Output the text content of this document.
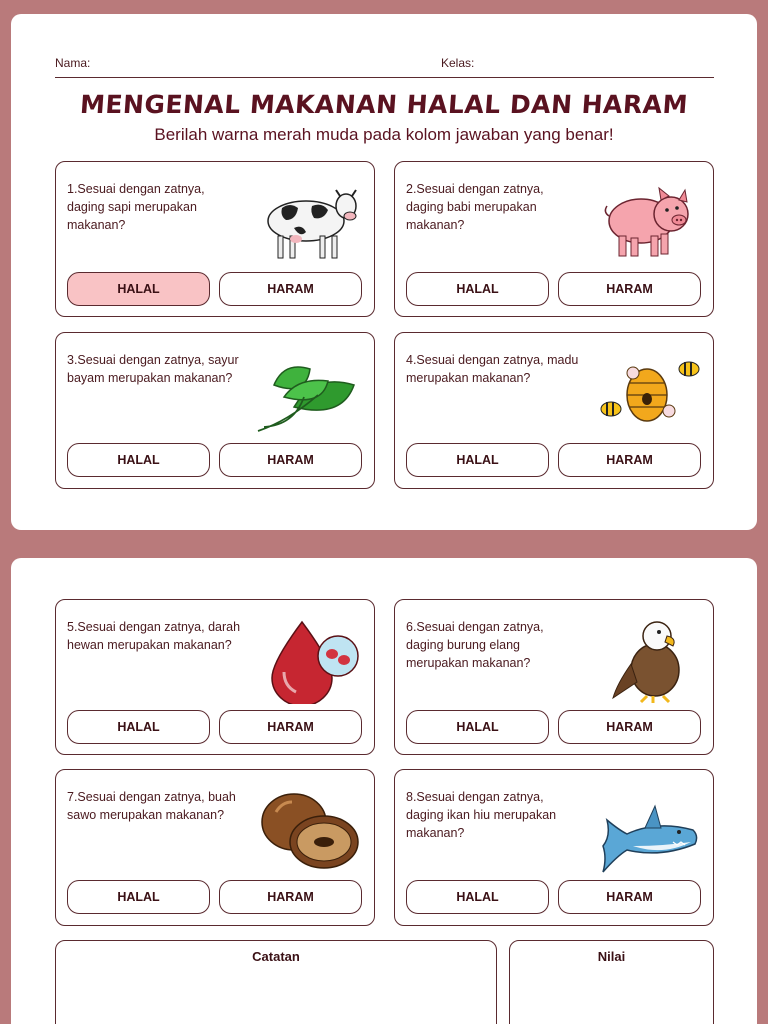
Nama:	Kelas:
MENGENAL MAKANAN HALAL DAN HARAM
Berilah warna merah muda pada kolom jawaban yang benar!
1.Sesuai dengan zatnya, daging sapi merupakan makanan?
HALAL	HARAM
2.Sesuai dengan zatnya, daging babi merupakan makanan?
HALAL	HARAM
3.Sesuai dengan zatnya, sayur bayam merupakan makanan?
HALAL	HARAM
4.Sesuai dengan zatnya, madu merupakan makanan?
HALAL	HARAM
5.Sesuai dengan zatnya, darah hewan merupakan makanan?
HALAL	HARAM
6.Sesuai dengan zatnya, daging burung elang merupakan makanan?
HALAL	HARAM
7.Sesuai dengan zatnya, buah sawo merupakan makanan?
HALAL	HARAM
8.Sesuai dengan zatnya, daging ikan hiu merupakan makanan?
HALAL	HARAM
Catatan	Nilai
